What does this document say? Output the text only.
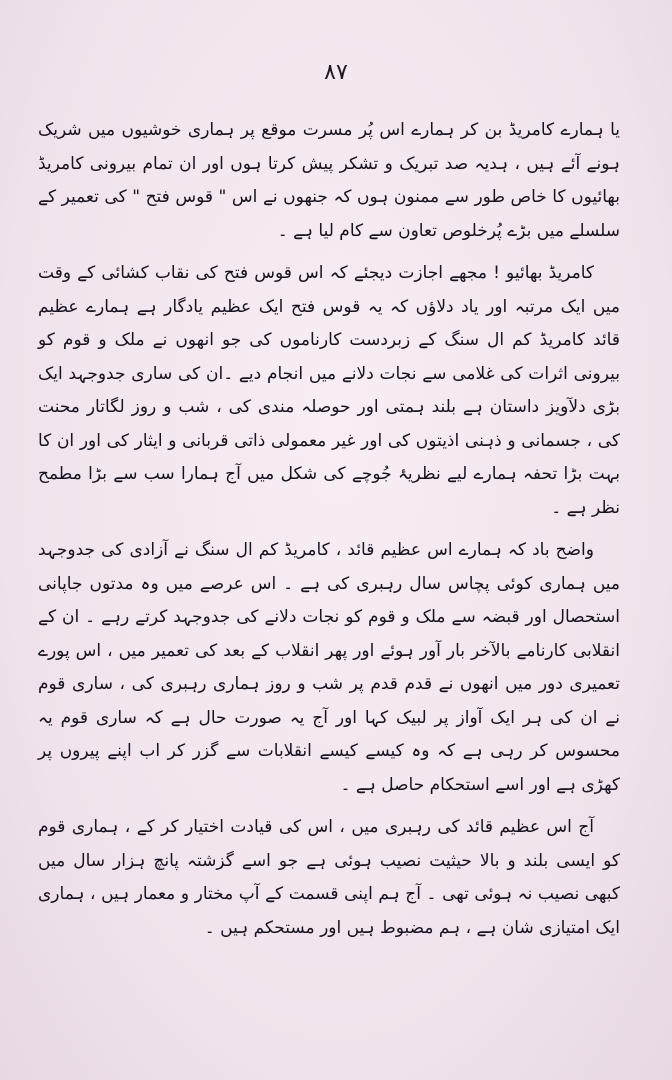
۸۷
یا ہمارے کامریڈ بن کر ہمارے اس پُر مسرت موقع پر ہماری خوشیوں میں شریک ہونے آئے ہیں ، ہدیہ صد تبریک و تشکر پیش کرتا ہوں اور ان تمام بیرونی کامریڈ بھائیوں کا خاص طور سے ممنون ہوں کہ جنھوں نے اس " قوس فتح " کی تعمیر کے سلسلے میں بڑے پُرخلوص تعاون سے کام لیا ہے ۔
کامریڈ بھائیو ! مجھے اجازت دیجئے کہ اس قوس فتح کی نقاب کشائی کے وقت میں ایک مرتبہ اور یاد دلاؤں کہ یہ قوس فتح ایک عظیم یادگار ہے ہمارے عظیم قائد کامریڈ کم ال سنگ کے زبردست کارناموں کی جو انھوں نے ملک و قوم کو بیرونی اثرات کی غلامی سے نجات دلانے میں انجام دیے ۔ان کی ساری جدوجہد ایک بڑی دلآویز داستان ہے بلند ہمتی اور حوصلہ مندی کی ، شب و روز لگاتار محنت کی ، جسمانی و ذہنی اذیتوں کی اور غیر معمولی ذاتی قربانی و ایثار کی اور ان کا بہت بڑا تحفہ ہمارے لیے نظریۂ جُوچے کی شکل میں آج ہمارا سب سے بڑا مطمح نظر ہے ۔
واضح باد کہ ہمارے اس عظیم قائد ، کامریڈ کم ال سنگ نے آزادی کی جدوجہد میں ہماری کوئی پچاس سال رہبری کی ہے ۔ اس عرصے میں وہ مدتوں جاپانی استحصال اور قبضہ سے ملک و قوم کو نجات دلانے کی جدوجہد کرتے رہے ۔ ان کے انقلابی کارنامے بالآخر بار آور ہوئے اور پھر انقلاب کے بعد کی تعمیر میں ، اس پورے تعمیری دور میں انھوں نے قدم قدم پر شب و روز ہماری رہبری کی ، ساری قوم نے ان کی ہر ایک آواز پر لبیک کہا اور آج یہ صورت حال ہے کہ ساری قوم یہ محسوس کر رہی ہے کہ وہ کیسے کیسے انقلابات سے گزر کر اب اپنے پیروں پر کھڑی ہے اور اسے استحکام حاصل ہے ۔
آج اس عظیم قائد کی رہبری میں ، اس کی قیادت اختیار کر کے ، ہماری قوم کو ایسی بلند و بالا حیثیت نصیب ہوئی ہے جو اسے گزشتہ پانچ ہزار سال میں کبھی نصیب نہ ہوئی تھی ۔ آج ہم اپنی قسمت کے آپ مختار و معمار ہیں ، ہماری ایک امتیازی شان ہے ، ہم مضبوط ہیں اور مستحکم ہیں ۔
